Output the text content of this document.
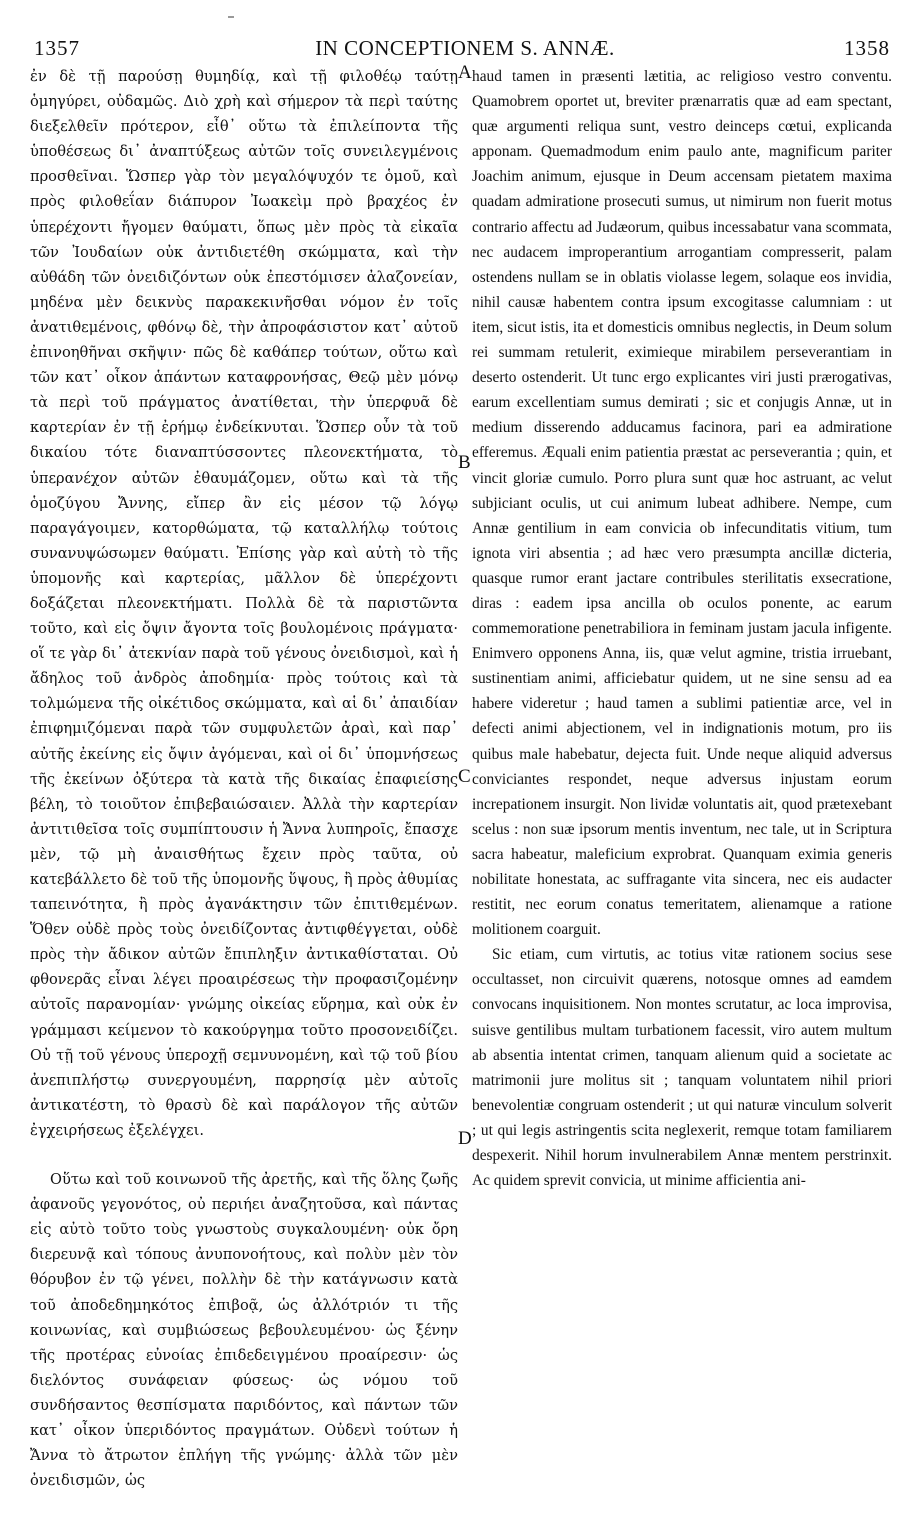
1357	IN CONCEPTIONEM S. ANNÆ.	1358

ἐν δὲ τῇ παρούσῃ θυμηδίᾳ, καὶ τῇ φιλοθέῳ ταύτῃ ὁμηγύρει, οὐδαμῶς. Διὸ χρὴ καὶ σήμερον τὰ περὶ ταύτης διεξελθεῖν πρότερον, εἶθ᾽ οὕτω τὰ ἐπιλείποντα τῆς ὑποθέσεως δι᾽ ἀναπτύξεως αὐτῶν τοῖς συνειλεγμένοις προσθεῖναι. Ὥσπερ γὰρ τὸν μεγαλόψυχόν τε ὁμοῦ, καὶ πρὸς φιλοθεΐαν διάπυρον Ἰωακεὶμ πρὸ βραχέος ἐν ὑπερέχοντι ἤγομεν θαύματι, ὅπως μὲν πρὸς τὰ εἰκαῖα τῶν Ἰουδαίων οὐκ ἀντιδιετέθη σκώμματα, καὶ τὴν αὐθάδη τῶν ὀνειδιζόντων οὐκ ἐπεστόμισεν ἀλαζονείαν, μηδένα μὲν δεικνὺς παρακεκινῆσθαι νόμον ἐν τοῖς ἀνατιθεμένοις, φθόνῳ δὲ, τὴν ἀπροφάσιστον κατ᾽ αὐτοῦ ἐπινοηθῆναι σκῆψιν· πῶς δὲ καθάπερ τούτων, οὕτω καὶ τῶν κατ᾽ οἶκον ἁπάντων καταφρονήσας, Θεῷ μὲν μόνῳ τὰ περὶ τοῦ πράγματος ἀνατίθεται, τὴν ὑπερφυᾶ δὲ καρτερίαν ἐν τῇ ἐρήμῳ ἐνδείκνυται. Ὥσπερ οὖν τὰ τοῦ δικαίου τότε διαναπτύσσοντες πλεονεκτήματα, τὸ ὑπερανέχον αὐτῶν ἐθαυμάζομεν, οὕτω καὶ τὰ τῆς ὁμοζύγου Ἄννης, εἴπερ ἂν εἰς μέσον τῷ λόγῳ παραγάγοιμεν, κατορθώματα, τῷ καταλλήλῳ τούτοις συνανυψώσωμεν θαύματι. Ἐπίσης γὰρ καὶ αὐτὴ τὸ τῆς ὑπομονῆς καὶ καρτερίας, μᾶλλον δὲ ὑπερέχοντι δοξάζεται πλεονεκτήματι. Πολλὰ δὲ τὰ παριστῶντα τοῦτο, καὶ εἰς ὄψιν ἄγοντα τοῖς βουλομένοις πράγματα· οἵ τε γὰρ δι᾽ ἀτεκνίαν παρὰ τοῦ γένους ὀνειδισμοὶ, καὶ ἡ ἄδηλος τοῦ ἀνδρὸς ἀποδημία· πρὸς τούτοις καὶ τὰ τολμώμενα τῆς οἰκέτιδος σκώμματα, καὶ αἱ δι᾽ ἀπαιδίαν ἐπιφημιζόμεναι παρὰ τῶν συμφυλετῶν ἀραὶ, καὶ παρ᾽ αὐτῆς ἐκείνης εἰς ὄψιν ἀγόμεναι, καὶ οἱ δι᾽ ὑπομνήσεως τῆς ἐκείνων ὀξύτερα τὰ κατὰ τῆς δικαίας ἐπαφιείσης βέλη, τὸ τοιοῦτον ἐπιβεβαιώσαιεν. Ἀλλὰ τὴν καρτερίαν ἀντιτιθεῖσα τοῖς συμπίπτουσιν ἡ Ἄννα λυπηροῖς, ἔπασχε μὲν, τῷ μὴ ἀναισθήτως ἔχειν πρὸς ταῦτα, οὐ κατεβάλλετο δὲ τοῦ τῆς ὑπομονῆς ὕψους, ἢ πρὸς ἀθυμίας ταπεινότητα, ἢ πρὸς ἀγανάκτησιν τῶν ἐπιτιθεμένων. Ὅθεν οὐδὲ πρὸς τοὺς ὀνειδίζοντας ἀντιφθέγγεται, οὐδὲ πρὸς τὴν ἄδικον αὐτῶν ἔπιπληξιν ἀντικαθίσταται. Οὐ φθονερᾶς εἶναι λέγει προαιρέσεως τὴν προφασιζομένην αὐτοῖς παρανομίαν· γνώμης οἰκείας εὕρημα, καὶ οὐκ ἐν γράμμασι κείμενον τὸ κακούργημα τοῦτο προσονειδίζει. Οὐ τῇ τοῦ γένους ὑπεροχῇ σεμνυνομένη, καὶ τῷ τοῦ βίου ἀνεπιπλήστῳ συνεργουμένη, παρρησίᾳ μὲν αὐτοῖς ἀντικατέστη, τὸ θρασὺ δὲ καὶ παράλογον τῆς αὐτῶν ἐγχειρήσεως ἐξελέγχει.

Οὕτω καὶ τοῦ κοινωνοῦ τῆς ἀρετῆς, καὶ τῆς ὅλης ζωῆς ἀφανοῦς γεγονότος, οὐ περιήει ἀναζητοῦσα, καὶ πάντας εἰς αὐτὸ τοῦτο τοὺς γνωστοὺς συγκαλουμένη· οὐκ ὄρη διερευνᾷ καὶ τόπους ἀνυπονοήτους, καὶ πολὺν μὲν τὸν θόρυβον ἐν τῷ γένει, πολλὴν δὲ τὴν κατάγνωσιν κατὰ τοῦ ἀποδεδημηκότος ἐπιβοᾷ, ὡς ἀλλότριόν τι τῆς κοινωνίας, καὶ συμβιώσεως βεβουλευμένου· ὡς ξένην τῆς προτέρας εὐνοίας ἐπιδεδειγμένου προαίρεσιν· ὡς διελόντος συνάφειαν φύσεως· ὡς νόμου τοῦ συνδήσαντος θεσπίσματα παριδόντος, καὶ πάντων τῶν κατ᾽ οἶκον ὑπεριδόντος πραγμάτων. Οὐδενὶ τούτων ἡ Ἄννα τὸ ἄτρωτον ἐπλήγη τῆς γνώμης· ἀλλὰ τῶν μὲν ὀνειδισμῶν, ὡς

A
B
C
D

haud tamen in præsenti lætitia, ac religioso vestro conventu. Quamobrem oportet ut, breviter prænarratis quæ ad eam spectant, quæ argumenti reliqua sunt, vestro deinceps cœtui, explicanda apponam. Quemadmodum enim paulo ante, magnificum pariter Joachim animum, ejusque in Deum accensam pietatem maxima quadam admiratione prosecuti sumus, ut nimirum non fuerit motus contrario affectu ad Judæorum, quibus incessabatur vana scommata, nec audacem improperantium arrogantiam compresserit, palam ostendens nullam se in oblatis violasse legem, solaque eos invidia, nihil causæ habentem contra ipsum excogitasse calumniam : ut item, sicut istis, ita et domesticis omnibus neglectis, in Deum solum rei summam retulerit, eximieque mirabilem perseverantiam in deserto ostenderit. Ut tunc ergo explicantes viri justi prærogativas, earum excellentiam sumus demirati ; sic et conjugis Annæ, ut in medium disserendo adducamus facinora, pari ea admiratione efferemus. Æquali enim patientia præstat ac perseverantia ; quin, et vincit gloriæ cumulo. Porro plura sunt quæ hoc astruant, ac velut subjiciant oculis, ut cui animum lubeat adhibere. Nempe, cum Annæ gentilium in eam convicia ob infecunditatis vitium, tum ignota viri absentia ; ad hæc vero præsumpta ancillæ dicteria, quasque rumor erant jactare contribules sterilitatis exsecratione, diras : eadem ipsa ancilla ob oculos ponente, ac earum commemoratione penetrabiliora in feminam justam jacula infigente. Enimvero opponens Anna, iis, quæ velut agmine, tristia irruebant, sustinentiam animi, afficiebatur quidem, ut ne sine sensu ad ea habere videretur ; haud tamen a sublimi patientiæ arce, vel in defecti animi abjectionem, vel in indignationis motum, pro iis quibus male habebatur, dejecta fuit. Unde neque aliquid adversus conviciantes respondet, neque adversus injustam eorum increpationem insurgit. Non lividæ voluntatis ait, quod prætexebant scelus : non suæ ipsorum mentis inventum, nec tale, ut in Scriptura sacra habeatur, maleficium exprobrat. Quanquam eximia generis nobilitate honestata, ac suffragante vita sincera, nec eis audacter restitit, nec eorum conatus temeritatem, alienamque a ratione molitionem coarguit.

Sic etiam, cum virtutis, ac totius vitæ rationem socius sese occultasset, non circuivit quærens, notosque omnes ad eamdem convocans inquisitionem. Non montes scrutatur, ac loca improvisa, suisve gentilibus multam turbationem facessit, viro autem multum ab absentia intentat crimen, tanquam alienum quid a societate ac matrimonii jure molitus sit ; tanquam voluntatem nihil priori benevolentiæ congruam ostenderit ; ut qui naturæ vinculum solverit ; ut qui legis astringentis scita neglexerit, remque totam familiarem despexerit. Nihil horum invulnerabilem Annæ mentem perstrinxit. Ac quidem sprevit convicia, ut minime afficientia ani-
